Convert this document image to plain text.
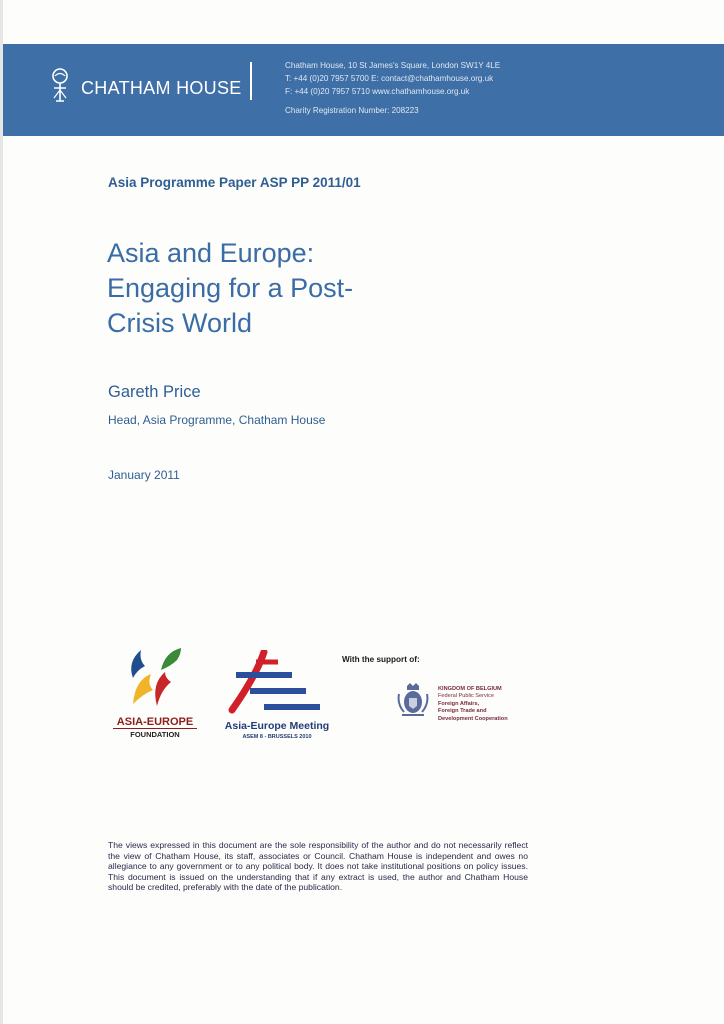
CHATHAM HOUSE
Chatham House, 10 St James's Square, London SW1Y 4LE
T: +44 (0)20 7957 5700 E: contact@chathamhouse.org.uk
F: +44 (0)20 7957 5710 www.chathamhouse.org.uk
Charity Registration Number: 208223
Asia Programme Paper ASP PP 2011/01
Asia and Europe:
Engaging for a Post-
Crisis World
Gareth Price
Head, Asia Programme, Chatham House
January 2011
ASIA-EUROPE
FOUNDATION
Asia-Europe Meeting
ASEM 8 - BRUSSELS 2010
With the support of:
KINGDOM OF BELGIUM
Federal Public Service
Foreign Affairs,
Foreign Trade and
Development Cooperation
The views expressed in this document are the sole responsibility of the author and do not necessarily reflect the view of Chatham House, its staff, associates or Council. Chatham House is independent and owes no allegiance to any government or to any political body. It does not take institutional positions on policy issues. This document is issued on the understanding that if any extract is used, the author and Chatham House should be credited, preferably with the date of the publication.
